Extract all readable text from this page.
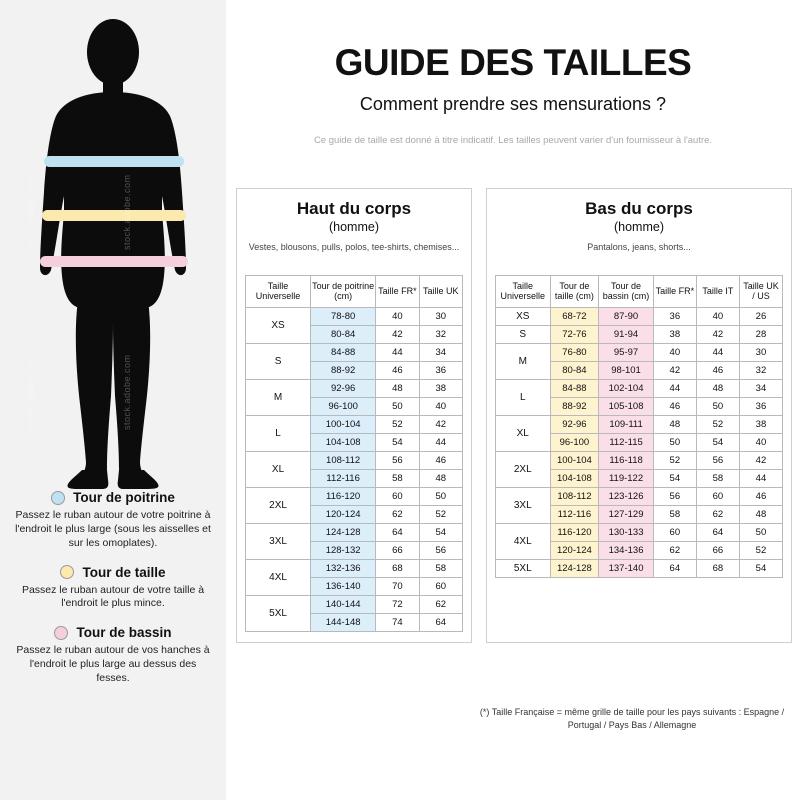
stock.adobe.com
stock.adobe.com
stock.adobe.com
stock.adobe.com
Tour de poitrine
Passez le ruban autour de votre poitrine à l'endroit le plus large (sous les aisselles et sur les omoplates).
Tour de taille
Passez le ruban autour de votre taille à l'endroit le plus mince.
Tour de bassin
Passez le ruban autour de vos hanches à l'endroit le plus large au dessus des fesses.
GUIDE DES TAILLES
Comment prendre ses mensurations ?
Ce guide de taille est donné à titre indicatif. Les tailles peuvent varier d'un fournisseur à l'autre.
Haut du corps
(homme)
Vestes, blousons, pulls, polos, tee-shirts, chemises...
Taille Universelle	Tour de poitrine (cm)	Taille FR*	Taille UK
XS	78-80	40	30
	80-84	42	32
S	84-88	44	34
	88-92	46	36
M	92-96	48	38
	96-100	50	40
L	100-104	52	42
	104-108	54	44
XL	108-112	56	46
	112-116	58	48
2XL	116-120	60	50
	120-124	62	52
3XL	124-128	64	54
	128-132	66	56
4XL	132-136	68	58
	136-140	70	60
5XL	140-144	72	62
	144-148	74	64
Bas du corps
(homme)
Pantalons, jeans, shorts...
Taille Universelle	Tour de taille (cm)	Tour de bassin (cm)	Taille FR*	Taille IT	Taille UK / US
XS	68-72	87-90	36	40	26
S	72-76	91-94	38	42	28
M	76-80	95-97	40	44	30
	80-84	98-101	42	46	32
L	84-88	102-104	44	48	34
	88-92	105-108	46	50	36
XL	92-96	109-111	48	52	38
	96-100	112-115	50	54	40
2XL	100-104	116-118	52	56	42
	104-108	119-122	54	58	44
3XL	108-112	123-126	56	60	46
	112-116	127-129	58	62	48
4XL	116-120	130-133	60	64	50
	120-124	134-136	62	66	52
5XL	124-128	137-140	64	68	54
(*) Taille Française = même grille de taille pour les pays suivants : Espagne / Portugal / Pays Bas / Allemagne
